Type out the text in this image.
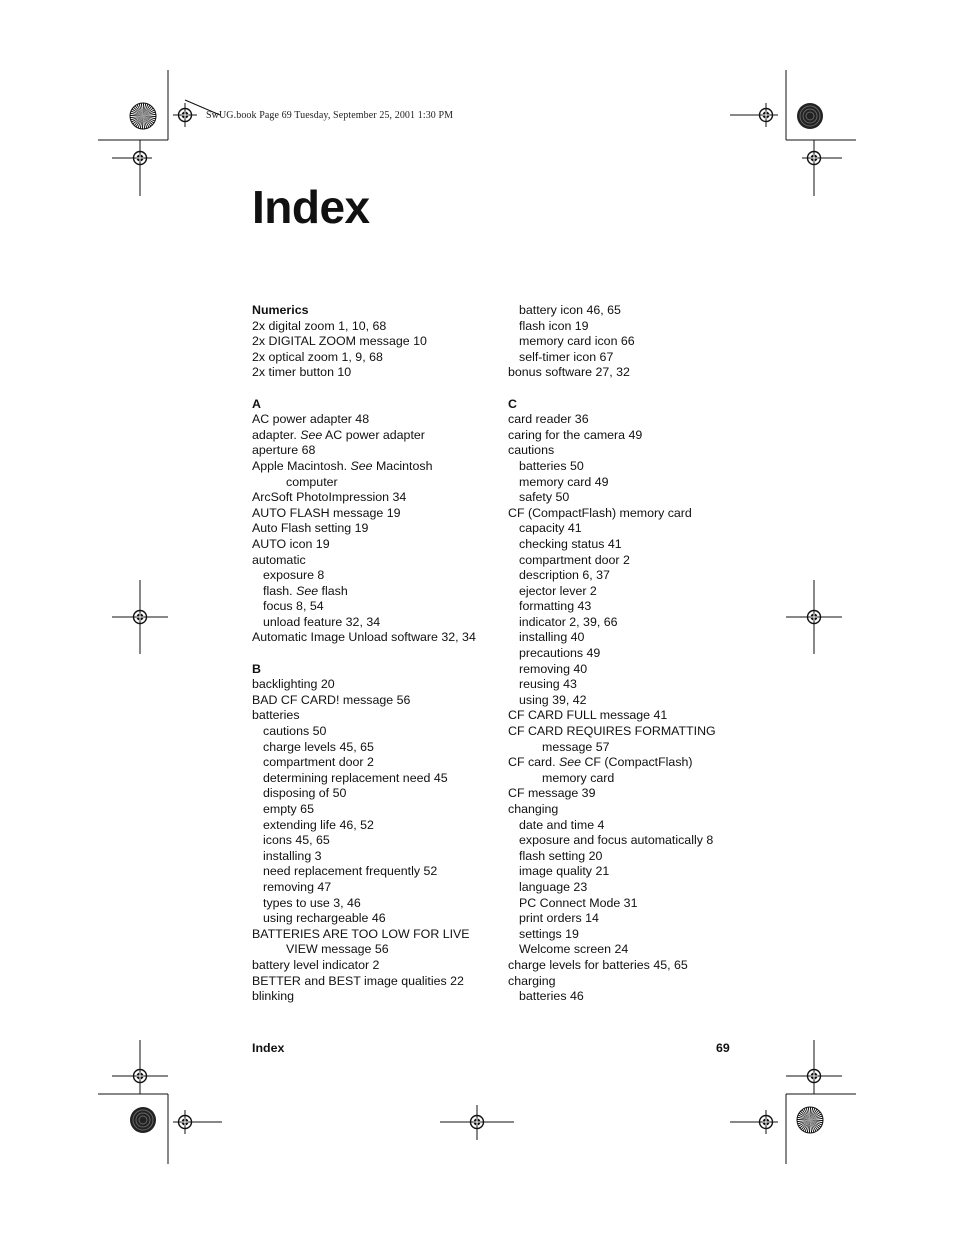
SwUG.book Page 69 Tuesday, September 25, 2001 1:30 PM
Index
Numerics
2x digital zoom 1, 10, 68
2x DIGITAL ZOOM message 10
2x optical zoom 1, 9, 68
2x timer button 10
A
AC power adapter 48
adapter. See AC power adapter
aperture 68
Apple Macintosh. See Macintosh
computer
ArcSoft PhotoImpression 34
AUTO FLASH message 19
Auto Flash setting 19
AUTO icon 19
automatic
exposure 8
flash. See flash
focus 8, 54
unload feature 32, 34
Automatic Image Unload software 32, 34
B
backlighting 20
BAD CF CARD! message 56
batteries
cautions 50
charge levels 45, 65
compartment door 2
determining replacement need 45
disposing of 50
empty 65
extending life 46, 52
icons 45, 65
installing 3
need replacement frequently 52
removing 47
types to use 3, 46
using rechargeable 46
BATTERIES ARE TOO LOW FOR LIVE
VIEW message 56
battery level indicator 2
BETTER and BEST image qualities 22
blinking
battery icon 46, 65
flash icon 19
memory card icon 66
self-timer icon 67
bonus software 27, 32
C
card reader 36
caring for the camera 49
cautions
batteries 50
memory card 49
safety 50
CF (CompactFlash) memory card
capacity 41
checking status 41
compartment door 2
description 6, 37
ejector lever 2
formatting 43
indicator 2, 39, 66
installing 40
precautions 49
removing 40
reusing 43
using 39, 42
CF CARD FULL message 41
CF CARD REQUIRES FORMATTING
message 57
CF card. See CF (CompactFlash)
memory card
CF message 39
changing
date and time 4
exposure and focus automatically 8
flash setting 20
image quality 21
language 23
PC Connect Mode 31
print orders 14
settings 19
Welcome screen 24
charge levels for batteries 45, 65
charging
batteries 46
Index	69
